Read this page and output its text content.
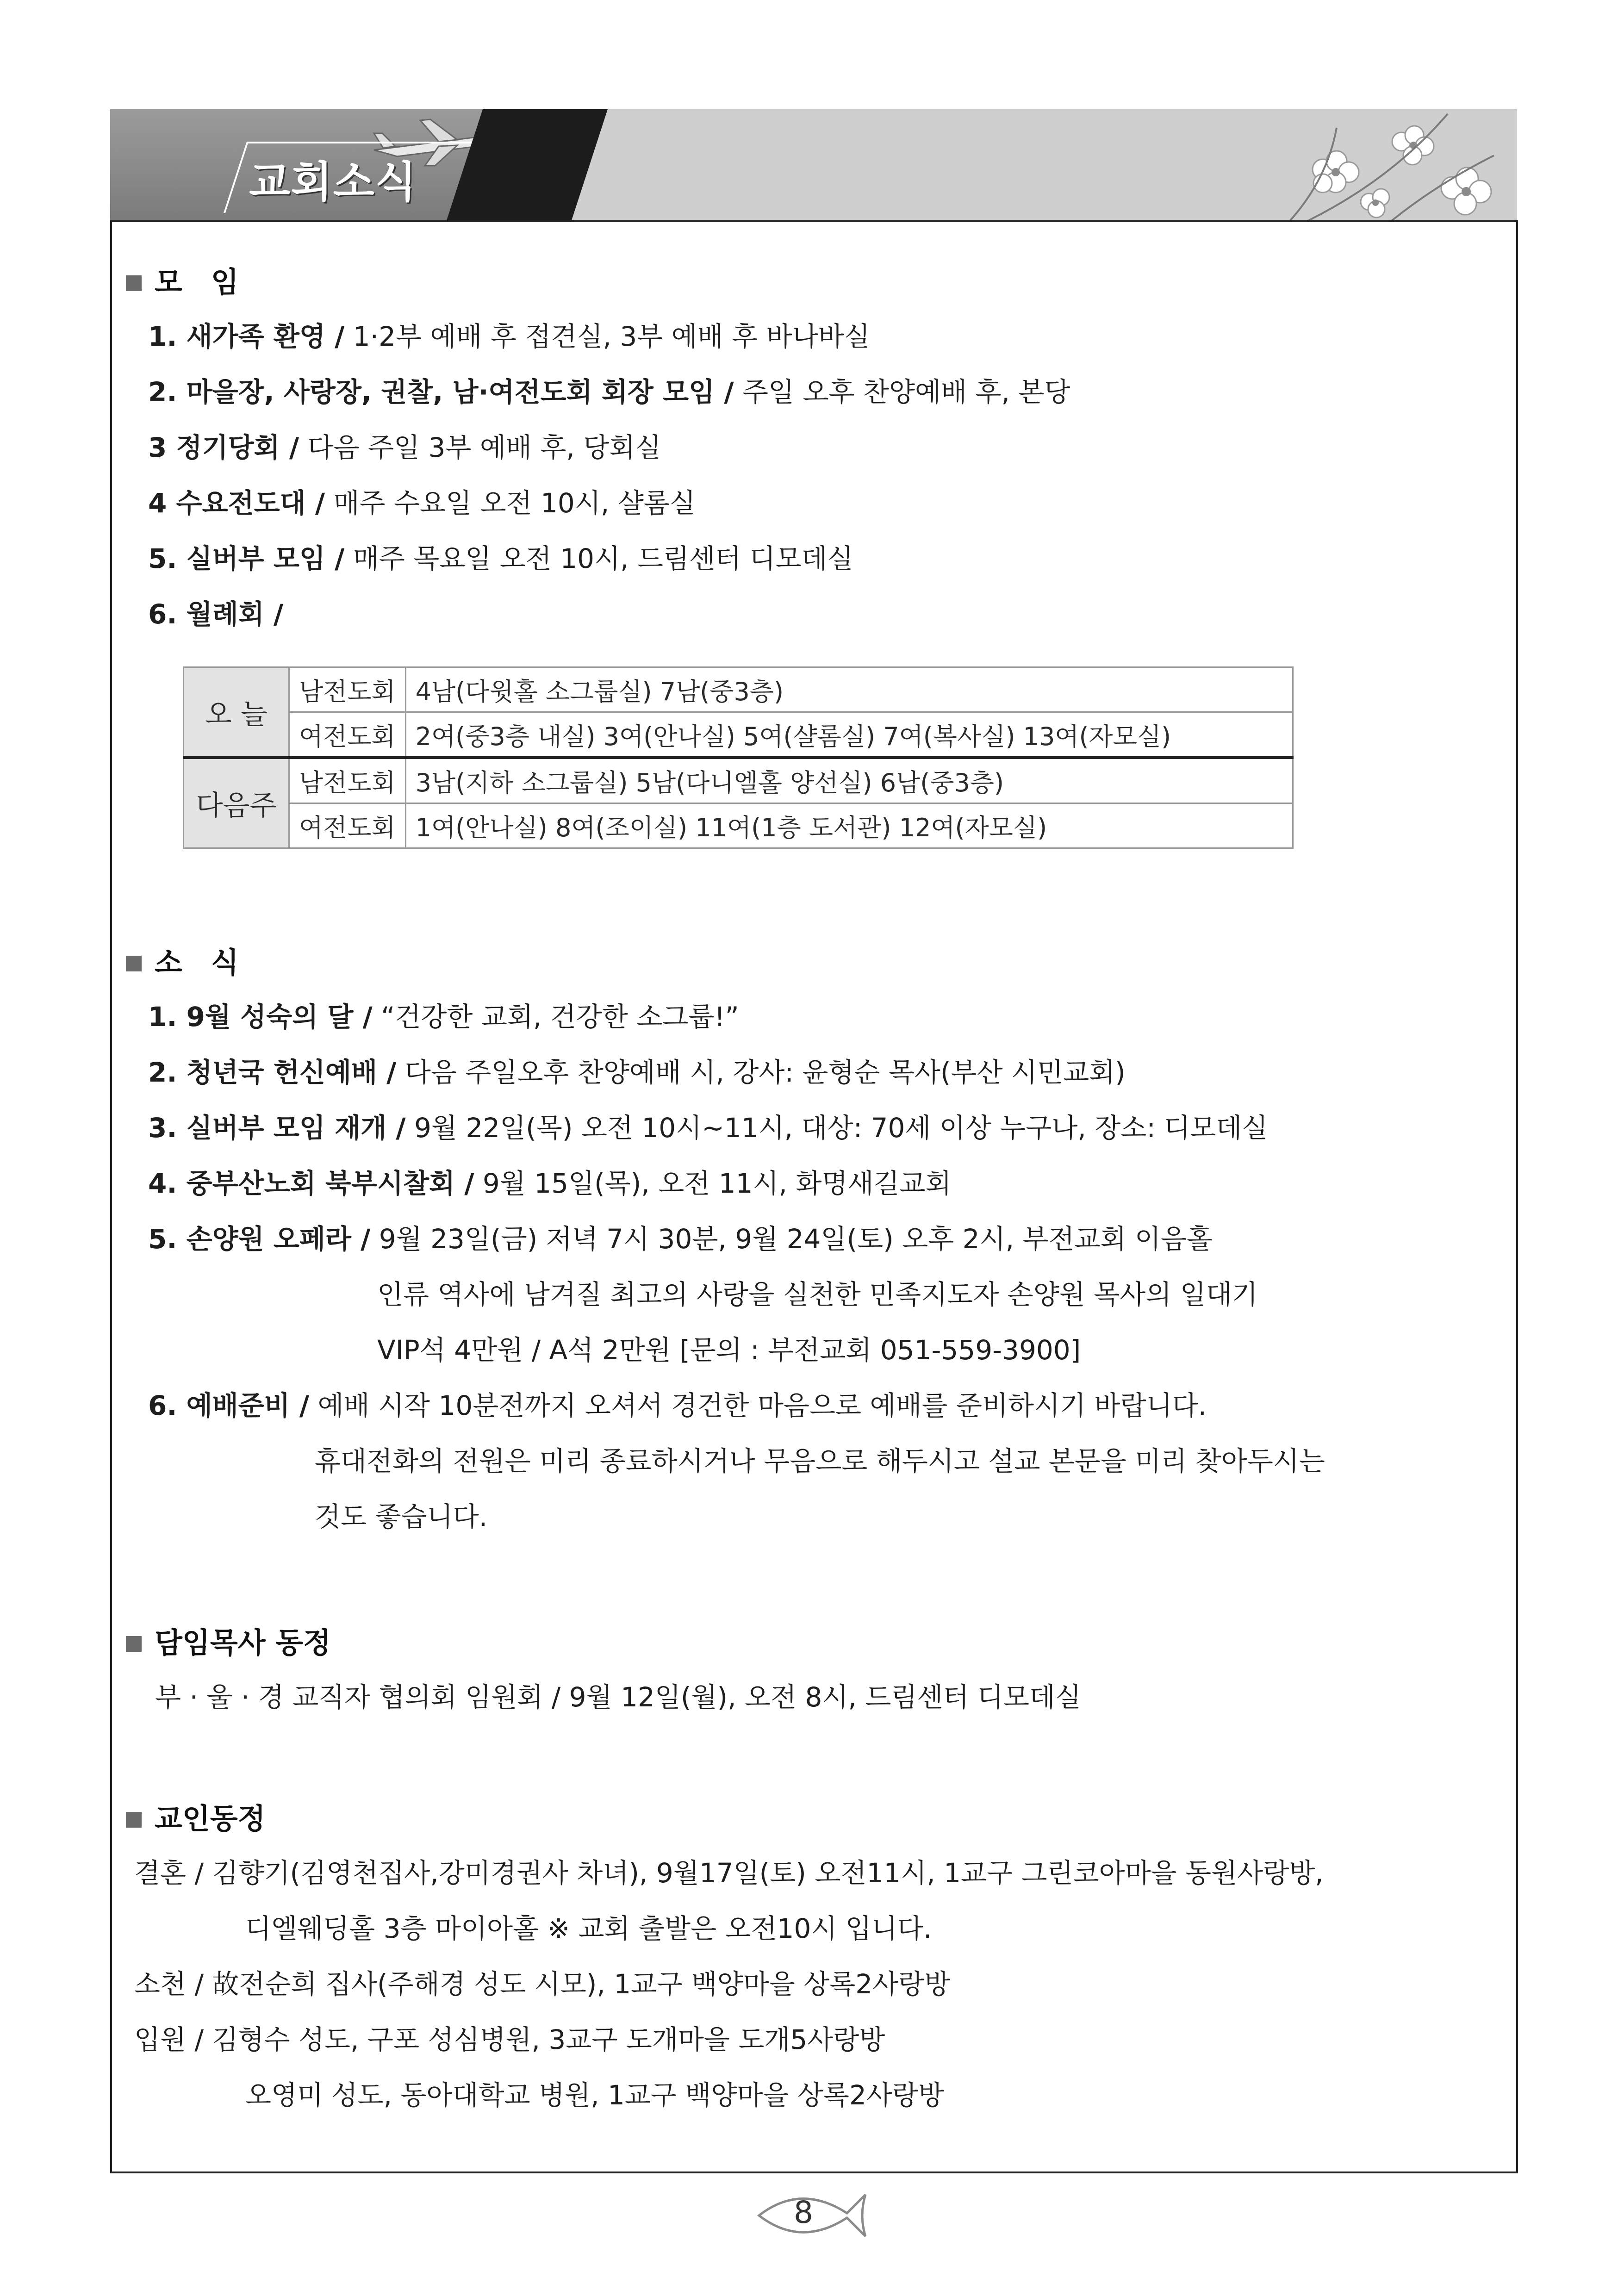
교회소식
모　임
1. 새가족 환영 / 1·2부 예배 후 접견실, 3부 예배 후 바나바실
2. 마을장, 사랑장, 권찰, 남·여전도회 회장 모임 / 주일 오후 찬양예배 후, 본당
3 정기당회 / 다음 주일 3부 예배 후, 당회실
4 수요전도대 / 매주 수요일 오전 10시, 샬롬실
5. 실버부 모임 / 매주 목요일 오전 10시, 드림센터 디모데실
6. 월례회 /
오 늘	남전도회	4남(다윗홀 소그룹실) 7남(중3층)
	여전도회	2여(중3층 내실) 3여(안나실) 5여(샬롬실) 7여(복사실) 13여(자모실)
다음주	남전도회	3남(지하 소그룹실) 5남(다니엘홀 양선실) 6남(중3층)
	여전도회	1여(안나실) 8여(조이실) 11여(1층 도서관) 12여(자모실)
소　식
1. 9월 성숙의 달 / “건강한 교회, 건강한 소그룹!”
2. 청년국 헌신예배 / 다음 주일오후 찬양예배 시, 강사: 윤형순 목사(부산 시민교회)
3. 실버부 모임 재개 / 9월 22일(목) 오전 10시~11시, 대상: 70세 이상 누구나, 장소: 디모데실
4. 중부산노회 북부시찰회 / 9월 15일(목), 오전 11시, 화명새길교회
5. 손양원 오페라 / 9월 23일(금) 저녁 7시 30분, 9월 24일(토) 오후 2시, 부전교회 이음홀
인류 역사에 남겨질 최고의 사랑을 실천한 민족지도자 손양원 목사의 일대기
VIP석 4만원 / A석 2만원 [문의 : 부전교회 051-559-3900]
6. 예배준비 / 예배 시작 10분전까지 오셔서 경건한 마음으로 예배를 준비하시기 바랍니다.
휴대전화의 전원은 미리 종료하시거나 무음으로 해두시고 설교 본문을 미리 찾아두시는
것도 좋습니다.
담임목사 동정
부 · 울 · 경 교직자 협의회 임원회 / 9월 12일(월), 오전 8시, 드림센터 디모데실
교인동정
결혼 / 김향기(김영천집사,강미경권사 차녀), 9월17일(토) 오전11시, 1교구 그린코아마을 동원사랑방,
디엘웨딩홀 3층 마이아홀 ※ 교회 출발은 오전10시 입니다.
소천 / 故전순희 집사(주해경 성도 시모), 1교구 백양마을 상록2사랑방
입원 / 김형수 성도, 구포 성심병원, 3교구 도개마을 도개5사랑방
오영미 성도, 동아대학교 병원, 1교구 백양마을 상록2사랑방
8
